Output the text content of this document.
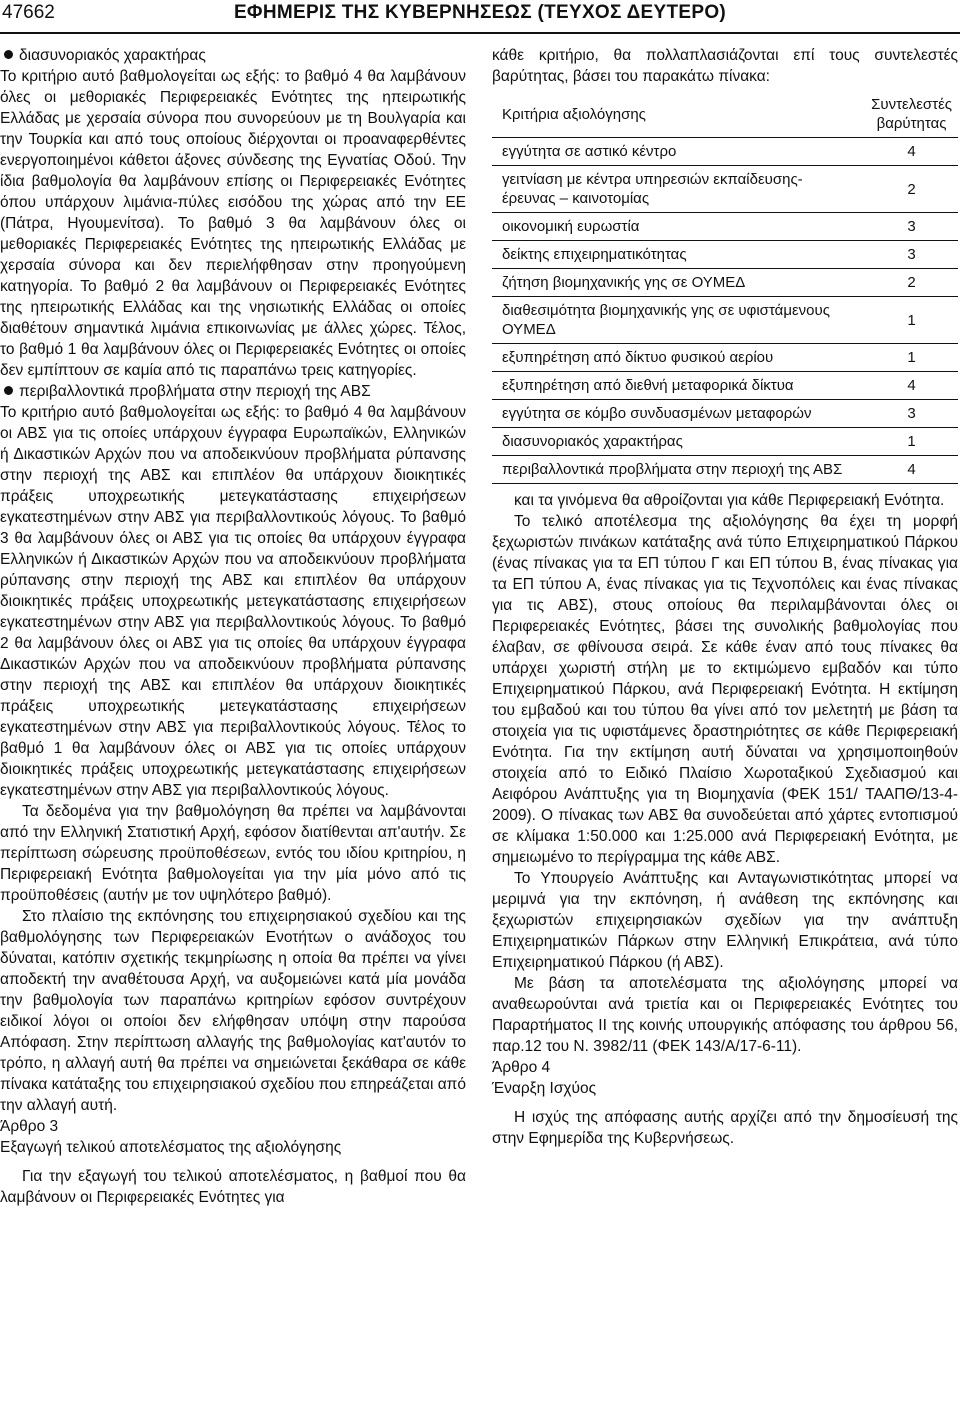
47662	ΕΦΗΜΕΡΙΣ ΤΗΣ ΚΥΒΕΡΝΗΣΕΩΣ (ΤΕΥΧΟΣ ΔΕΥΤΕΡΟ)

διασυνοριακός χαρακτήρας

Το κριτήριο αυτό βαθμολογείται ως εξής: το βαθμό 4 θα λαμβάνουν όλες οι μεθοριακές Περιφερειακές Ενότητες της ηπειρωτικής Ελλάδας με χερσαία σύνορα που συνορεύουν με τη Βουλγαρία και την Τουρκία και από τους οποίους διέρχονται οι προαναφερθέντες ενεργοποιημένοι κάθετοι άξονες σύνδεσης της Εγνατίας Οδού. Την ίδια βαθμολογία θα λαμβάνουν επίσης οι Περιφερειακές Ενότητες όπου υπάρχουν λιμάνια-πύλες εισόδου της χώρας από την ΕΕ (Πάτρα, Ηγουμενίτσα). Το βαθμό 3 θα λαμβάνουν όλες οι μεθοριακές Περιφερειακές Ενότητες της ηπειρωτικής Ελλάδας με χερσαία σύνορα και δεν περιελήφθησαν στην προηγούμενη κατηγορία. Το βαθμό 2 θα λαμβάνουν οι Περιφερειακές Ενότητες της ηπειρωτικής Ελλάδας και της νησιωτικής Ελλάδας οι οποίες διαθέτουν σημαντικά λιμάνια επικοινωνίας με άλλες χώρες. Τέλος, το βαθμό 1 θα λαμβάνουν όλες οι Περιφερειακές Ενότητες οι οποίες δεν εμπίπτουν σε καμία από τις παραπάνω τρεις κατηγορίες.

περιβαλλοντικά προβλήματα στην περιοχή της ΑΒΣ

Το κριτήριο αυτό βαθμολογείται ως εξής: το βαθμό 4 θα λαμβάνουν οι ΑΒΣ για τις οποίες υπάρχουν έγγραφα Ευρωπαϊκών, Ελληνικών ή Δικαστικών Αρχών που να αποδεικνύουν προβλήματα ρύπανσης στην περιοχή της ΑΒΣ και επιπλέον θα υπάρχουν διοικητικές πράξεις υποχρεωτικής μετεγκατάστασης επιχειρήσεων εγκατεστημένων στην ΑΒΣ για περιβαλλοντικούς λόγους. Το βαθμό 3 θα λαμβάνουν όλες οι ΑΒΣ για τις οποίες θα υπάρχουν έγγραφα Ελληνικών ή Δικαστικών Αρχών που να αποδεικνύουν προβλήματα ρύπανσης στην περιοχή της ΑΒΣ και επιπλέον θα υπάρχουν διοικητικές πράξεις υποχρεωτικής μετεγκατάστασης επιχειρήσεων εγκατεστημένων στην ΑΒΣ για περιβαλλοντικούς λόγους. Το βαθμό 2 θα λαμβάνουν όλες οι ΑΒΣ για τις οποίες θα υπάρχουν έγγραφα Δικαστικών Αρχών που να αποδεικνύουν προβλήματα ρύπανσης στην περιοχή της ΑΒΣ και επιπλέον θα υπάρχουν διοικητικές πράξεις υποχρεωτικής μετεγκατάστασης επιχειρήσεων εγκατεστημένων στην ΑΒΣ για περιβαλλοντικούς λόγους. Τέλος το βαθμό 1 θα λαμβάνουν όλες οι ΑΒΣ για τις οποίες υπάρχουν διοικητικές πράξεις υποχρεωτικής μετεγκατάστασης επιχειρήσεων εγκατεστημένων στην ΑΒΣ για περιβαλλοντικούς λόγους.

Τα δεδομένα για την βαθμολόγηση θα πρέπει να λαμβάνονται από την Ελληνική Στατιστική Αρχή, εφόσον διατίθενται απ'αυτήν. Σε περίπτωση σώρευσης προϋποθέσεων, εντός του ιδίου κριτηρίου, η Περιφερειακή Ενότητα βαθμολογείται για την μία μόνο από τις προϋποθέσεις (αυτήν με τον υψηλότερο βαθμό).

Στο πλαίσιο της εκπόνησης του επιχειρησιακού σχεδίου και της βαθμολόγησης των Περιφερειακών Ενοτήτων ο ανάδοχος του δύναται, κατόπιν σχετικής τεκμηρίωσης η οποία θα πρέπει να γίνει αποδεκτή την αναθέτουσα Αρχή, να αυξομειώνει κατά μία μονάδα την βαθμολογία των παραπάνω κριτηρίων εφόσον συντρέχουν ειδικοί λόγοι οι οποίοι δεν ελήφθησαν υπόψη στην παρούσα Απόφαση. Στην περίπτωση αλλαγής της βαθμολογίας κατ'αυτόν το τρόπο, η αλλαγή αυτή θα πρέπει να σημειώνεται ξεκάθαρα σε κάθε πίνακα κατάταξης του επιχειρησιακού σχεδίου που επηρεάζεται από την αλλαγή αυτή.

Άρθρο 3

Εξαγωγή τελικού αποτελέσματος της αξιολόγησης

Για την εξαγωγή του τελικού αποτελέσματος, η βαθμοί που θα λαμβάνουν οι Περιφερειακές Ενότητες για

κάθε κριτήριο, θα πολλαπλασιάζονται επί τους συντελεστές βαρύτητας, βάσει του παρακάτω πίνακα:

Κριτήρια αξιολόγησης	Συντελεστές βαρύτητας
εγγύτητα σε αστικό κέντρο	4
γειτνίαση με κέντρα υπηρεσιών εκπαίδευσης-έρευνας – καινοτομίας	2
οικονομική ευρωστία	3
δείκτης επιχειρηματικότητας	3
ζήτηση βιομηχανικής γης σε ΟΥΜΕΔ	2
διαθεσιμότητα βιομηχανικής γης σε υφιστάμενους ΟΥΜΕΔ	1
εξυπηρέτηση από δίκτυο φυσικού αερίου	1
εξυπηρέτηση από διεθνή μεταφορικά δίκτυα	4
εγγύτητα σε κόμβο συνδυασμένων μεταφορών	3
διασυνοριακός χαρακτήρας	1
περιβαλλοντικά προβλήματα στην περιοχή της ΑΒΣ	4

και τα γινόμενα θα αθροίζονται για κάθε Περιφερειακή Ενότητα.

Το τελικό αποτέλεσμα της αξιολόγησης θα έχει τη μορφή ξεχωριστών πινάκων κατάταξης ανά τύπο Επιχειρηματικού Πάρκου (ένας πίνακας για τα ΕΠ τύπου Γ και ΕΠ τύπου Β, ένας πίνακας για τα ΕΠ τύπου Α, ένας πίνακας για τις Τεχνοπόλεις και ένας πίνακας για τις ΑΒΣ), στους οποίους θα περιλαμβάνονται όλες οι Περιφερειακές Ενότητες, βάσει της συνολικής βαθμολογίας που έλαβαν, σε φθίνουσα σειρά. Σε κάθε έναν από τους πίνακες θα υπάρχει χωριστή στήλη με το εκτιμώμενο εμβαδόν και τύπο Επιχειρηματικού Πάρκου, ανά Περιφερειακή Ενότητα. Η εκτίμηση του εμβαδού και του τύπου θα γίνει από τον μελετητή με βάση τα στοιχεία για τις υφιστάμενες δραστηριότητες σε κάθε Περιφερειακή Ενότητα. Για την εκτίμηση αυτή δύναται να χρησιμοποιηθούν στοιχεία από το Ειδικό Πλαίσιο Χωροταξικού Σχεδιασμού και Αειφόρου Ανάπτυξης για τη Βιομηχανία (ΦΕΚ 151/ ΤΑΑΠΘ/13-4-2009). Ο πίνακας των ΑΒΣ θα συνοδεύεται από χάρτες εντοπισμού σε κλίμακα 1:50.000 και 1:25.000 ανά Περιφερειακή Ενότητα, με σημειωμένο το περίγραμμα της κάθε ΑΒΣ.

Το Υπουργείο Ανάπτυξης και Ανταγωνιστικότητας μπορεί να μεριμνά για την εκπόνηση, ή ανάθεση της εκπόνησης και ξεχωριστών επιχειρησιακών σχεδίων για την ανάπτυξη Επιχειρηματικών Πάρκων στην Ελληνική Επικράτεια, ανά τύπο Επιχειρηματικού Πάρκου (ή ΑΒΣ).

Με βάση τα αποτελέσματα της αξιολόγησης μπορεί να αναθεωρούνται ανά τριετία και οι Περιφερειακές Ενότητες του Παραρτήματος ΙΙ της κοινής υπουργικής απόφασης του άρθρου 56, παρ.12 του Ν. 3982/11 (ΦΕΚ 143/Α/17-6-11).

Άρθρο 4

Έναρξη Ισχύος

Η ισχύς της απόφασης αυτής αρχίζει από την δημοσίευσή της στην Εφημερίδα της Κυβερνήσεως.
